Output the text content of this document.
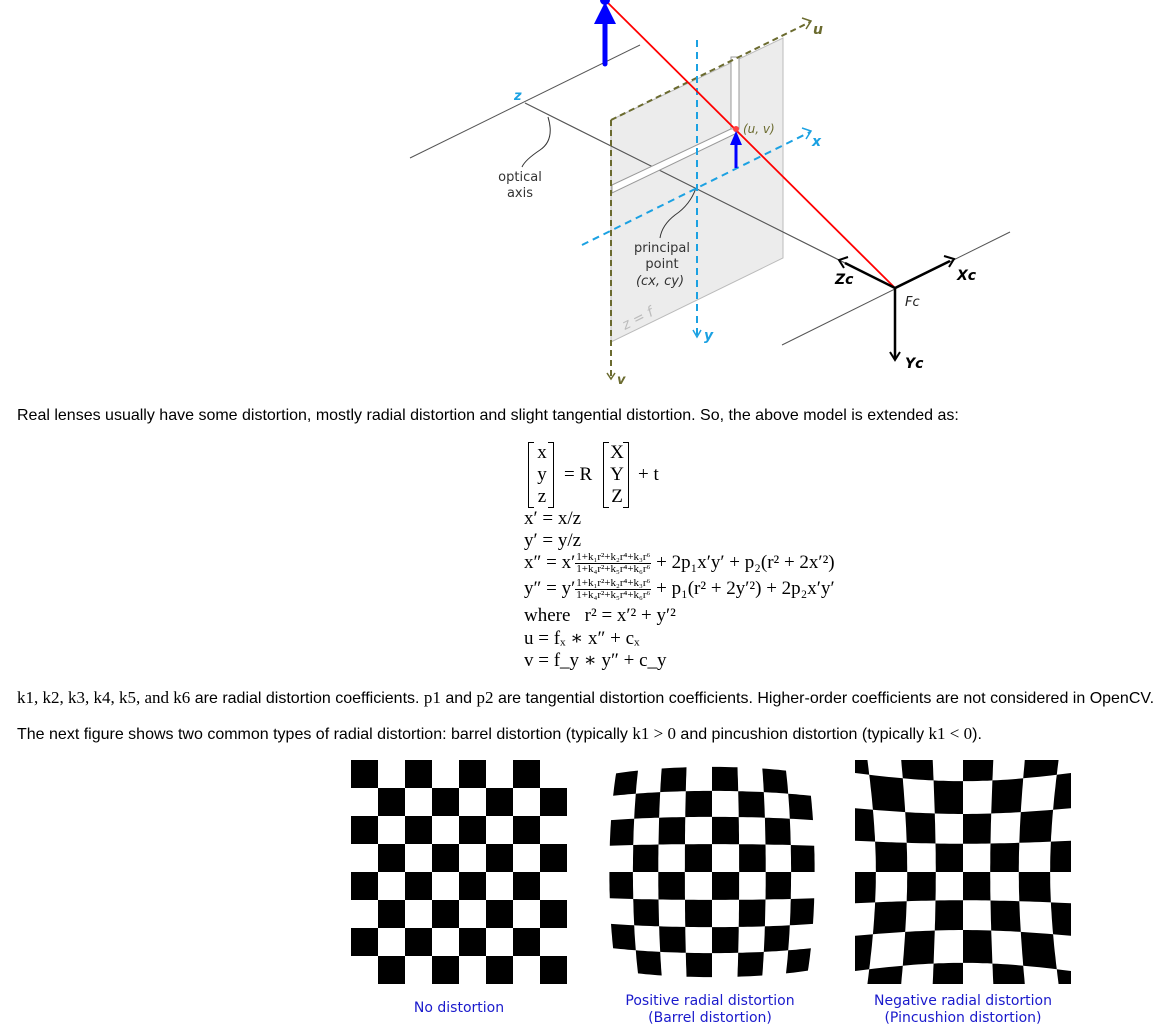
u
x
y
z
v
(u, v)
optical
axis
principal
point
(cx, cy)	Zc	Xc
Yc
Fc
z = f
Real lenses usually have some distortion, mostly radial distortion and slight tangential distortion. So, the above model is extended as:
x
y
z
= R
X
Y
Z
+ t
x′ = x/z
y′ = y/z
$x'' = x' \frac{\text{1+k₁r²+k₂r⁴+k₃r⁶}}{\text{1+k₄r²+k₅r⁴+k₆r⁶}} + 2p_1x'y' + p_2(r^2 + 2x'^2)$
$y'' = y' \frac{\text{1+k₁r²+k₂r⁴+k₃r⁶}}{\text{1+k₄r²+k₅r⁴+k₆r⁶}} + p_1(r^2 + 2y'^2) + 2p_2x'y'$
where   r² = x′² + y′²
u = fₓ ∗ x″ + cₓ
v = f_y ∗ y″ + c_y
k1, k2, k3, k4, k5, and k6 are radial distortion coefficients. p1 and p2 are tangential distortion coefficients. Higher-order coefficients are not considered in OpenCV.
The next figure shows two common types of radial distortion: barrel distortion (typically k1 > 0 and pincushion distortion (typically k1 < 0).
No distortion	Positive radial distortion
(Barrel distortion)
Negative radial distortion
(Pincushion distortion)
